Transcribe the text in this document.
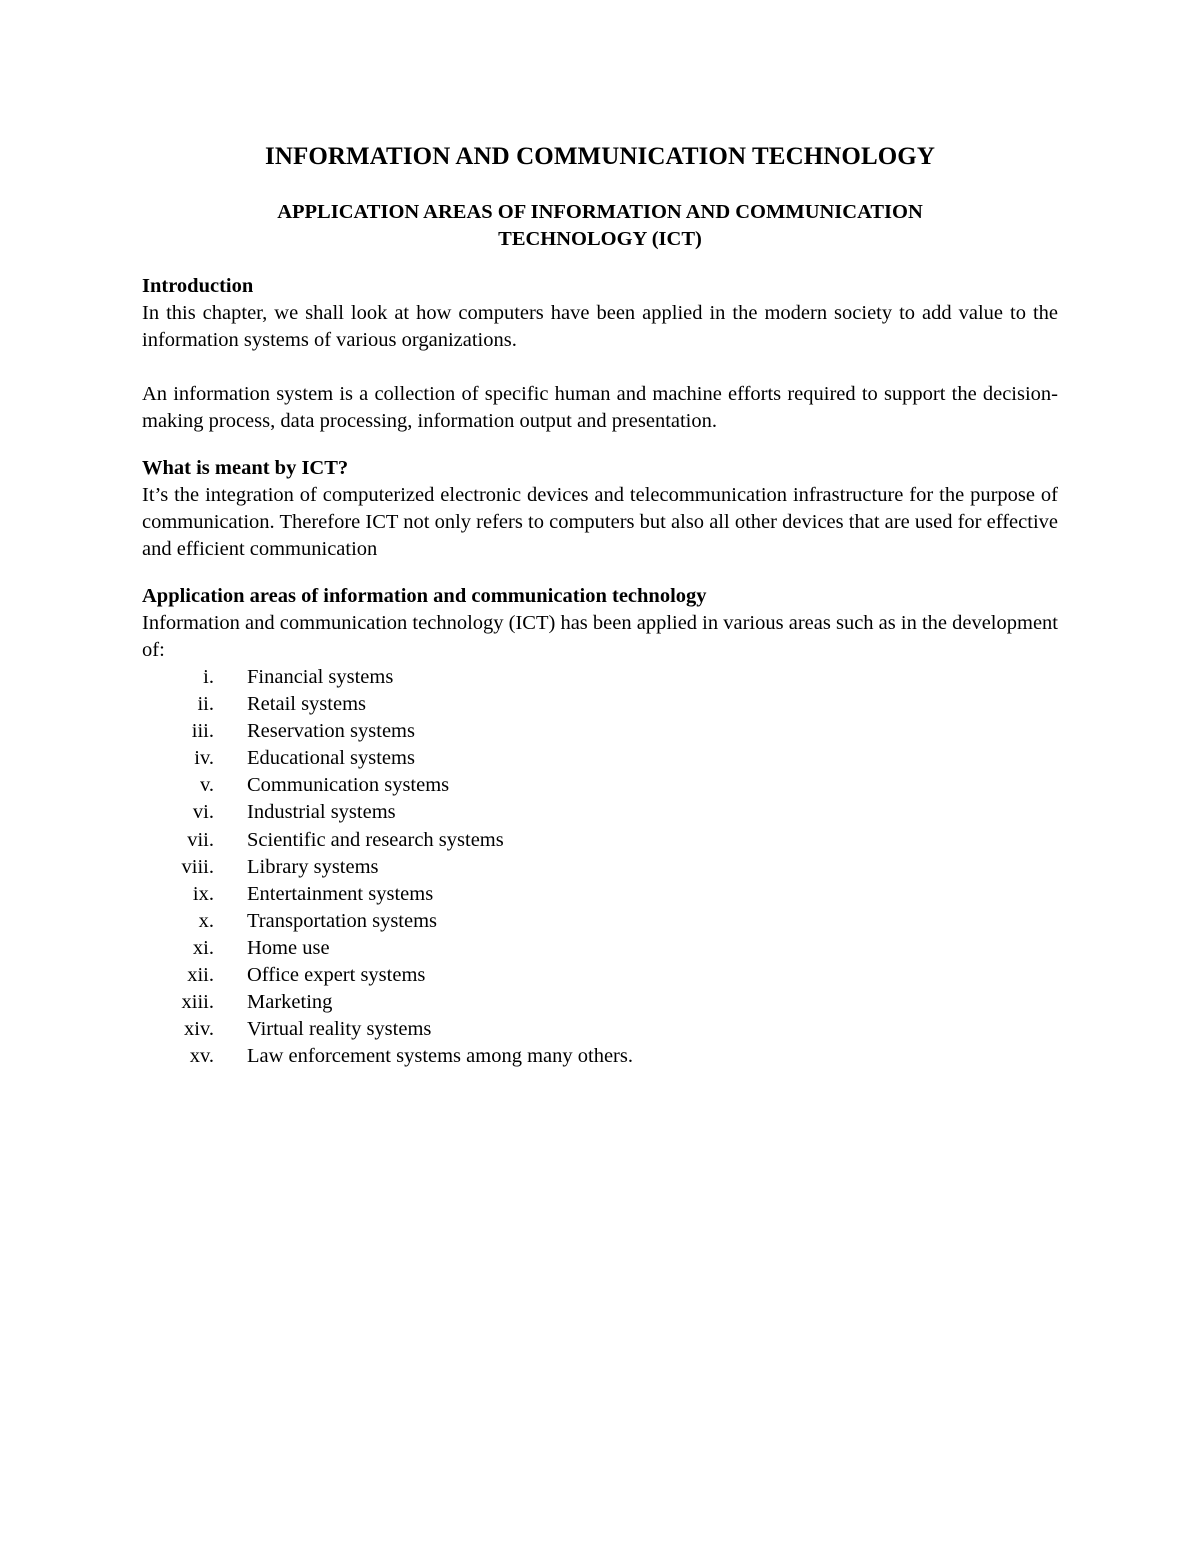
INFORMATION AND COMMUNICATION TECHNOLOGY
APPLICATION AREAS OF INFORMATION AND COMMUNICATION
TECHNOLOGY (ICT)
Introduction

In this chapter, we shall look at how computers have been applied in the modern society to add value to the information systems of various organizations.

An information system is a collection of specific human and machine efforts required to support the decision-making process, data processing, information output and presentation.

What is meant by ICT?

It’s the integration of computerized electronic devices and telecommunication infrastructure for the purpose of communication. Therefore ICT not only refers to computers but also all other devices that are used for effective and efficient communication

Application areas of information and communication technology

Information and communication technology (ICT) has been applied in various areas such as in the development of:

i.	Financial systems
ii.	Retail systems
iii.	Reservation systems
iv.	Educational systems
v.	Communication systems
vi.	Industrial systems
vii.	Scientific and research systems
viii.	Library systems
ix.	Entertainment systems
x.	Transportation systems
xi.	Home use
xii.	Office expert systems
xiii.	Marketing
xiv.	Virtual reality systems
xv.	Law enforcement systems among many others.
